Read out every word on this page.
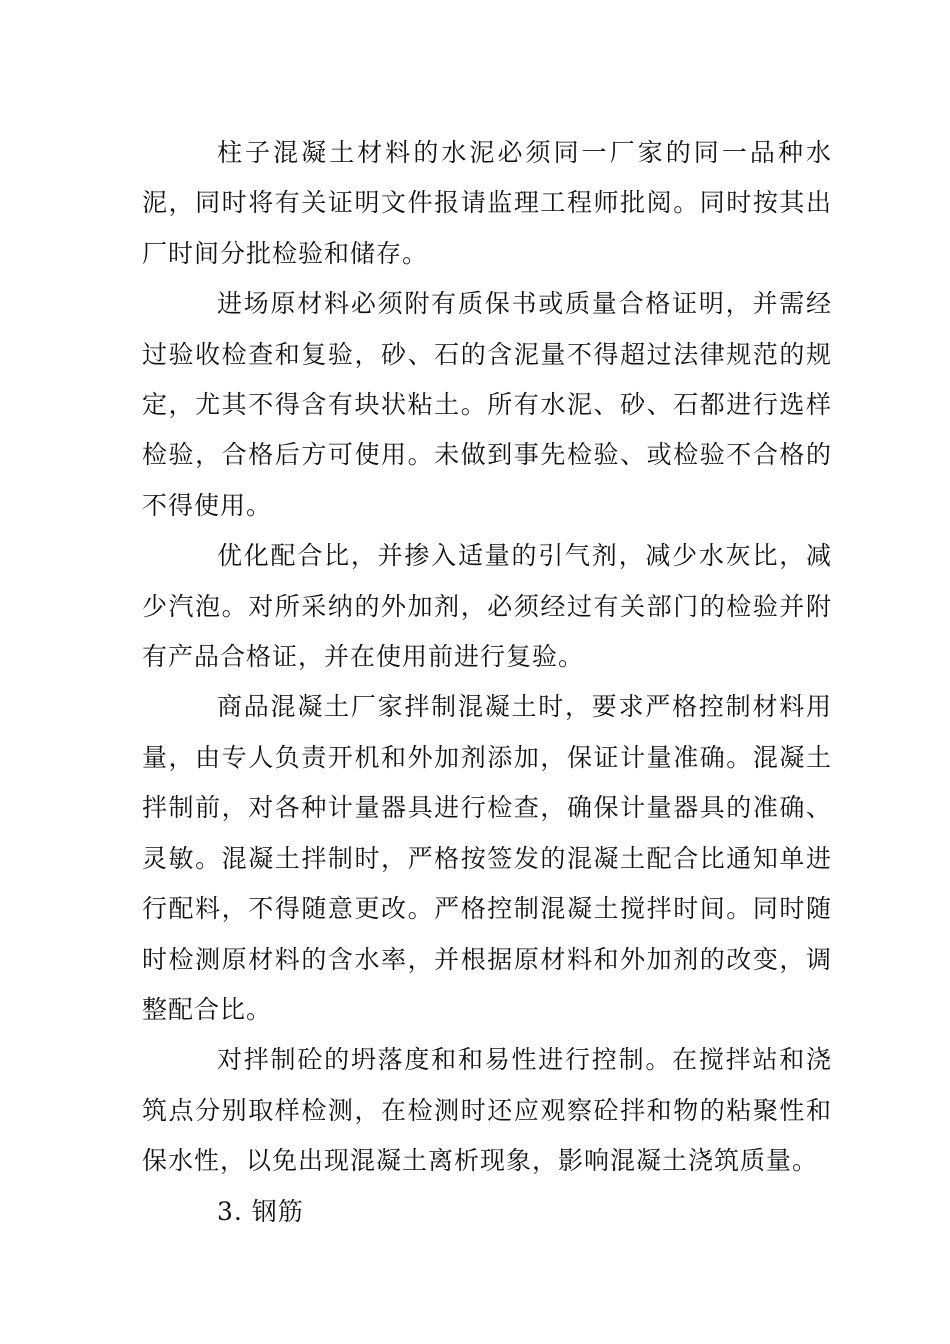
柱子混凝土材料的水泥必须同一厂家的同一品种水 泥，同时将有关证明文件报请监理工程师批阅。同时按其出 厂时间分批检验和储存。

进场原材料必须附有质保书或质量合格证明，并需经 过验收检查和复验，砂、石的含泥量不得超过法律规范的规定，尤其不得含有块状粘土。所有水泥、砂、石都进行选样检验，合格后方可使用。未做到事先检验、或检验不合格的不得使用。

优化配合比，并掺入适量的引气剂，减少水灰比，减 少汽泡。对所采纳的外加剂，必须经过有关部门的检验并附 有产品合格证，并在使用前进行复验。

商品混凝土厂家拌制混凝土时，要求严格控制材料用量，由专人负责开机和外加剂添加，保证计量准确。混凝土 拌制前，对各种计量器具进行检查，确保计量器具的准确、 灵敏。混凝土拌制时，严格按签发的混凝土配合比通知单进 行配料，不得随意更改。严格控制混凝土搅拌时间。同时随 时检测原材料的含水率，并根据原材料和外加剂的改变，调 整配合比。

对拌制砼的坍落度和和易性进行控制。在搅拌站和浇 筑点分别取样检测，在检测时还应观察砼拌和物的粘聚性和 保水性，以免出现混凝土离析现象，影响混凝土浇筑质量。

3. 钢筋
